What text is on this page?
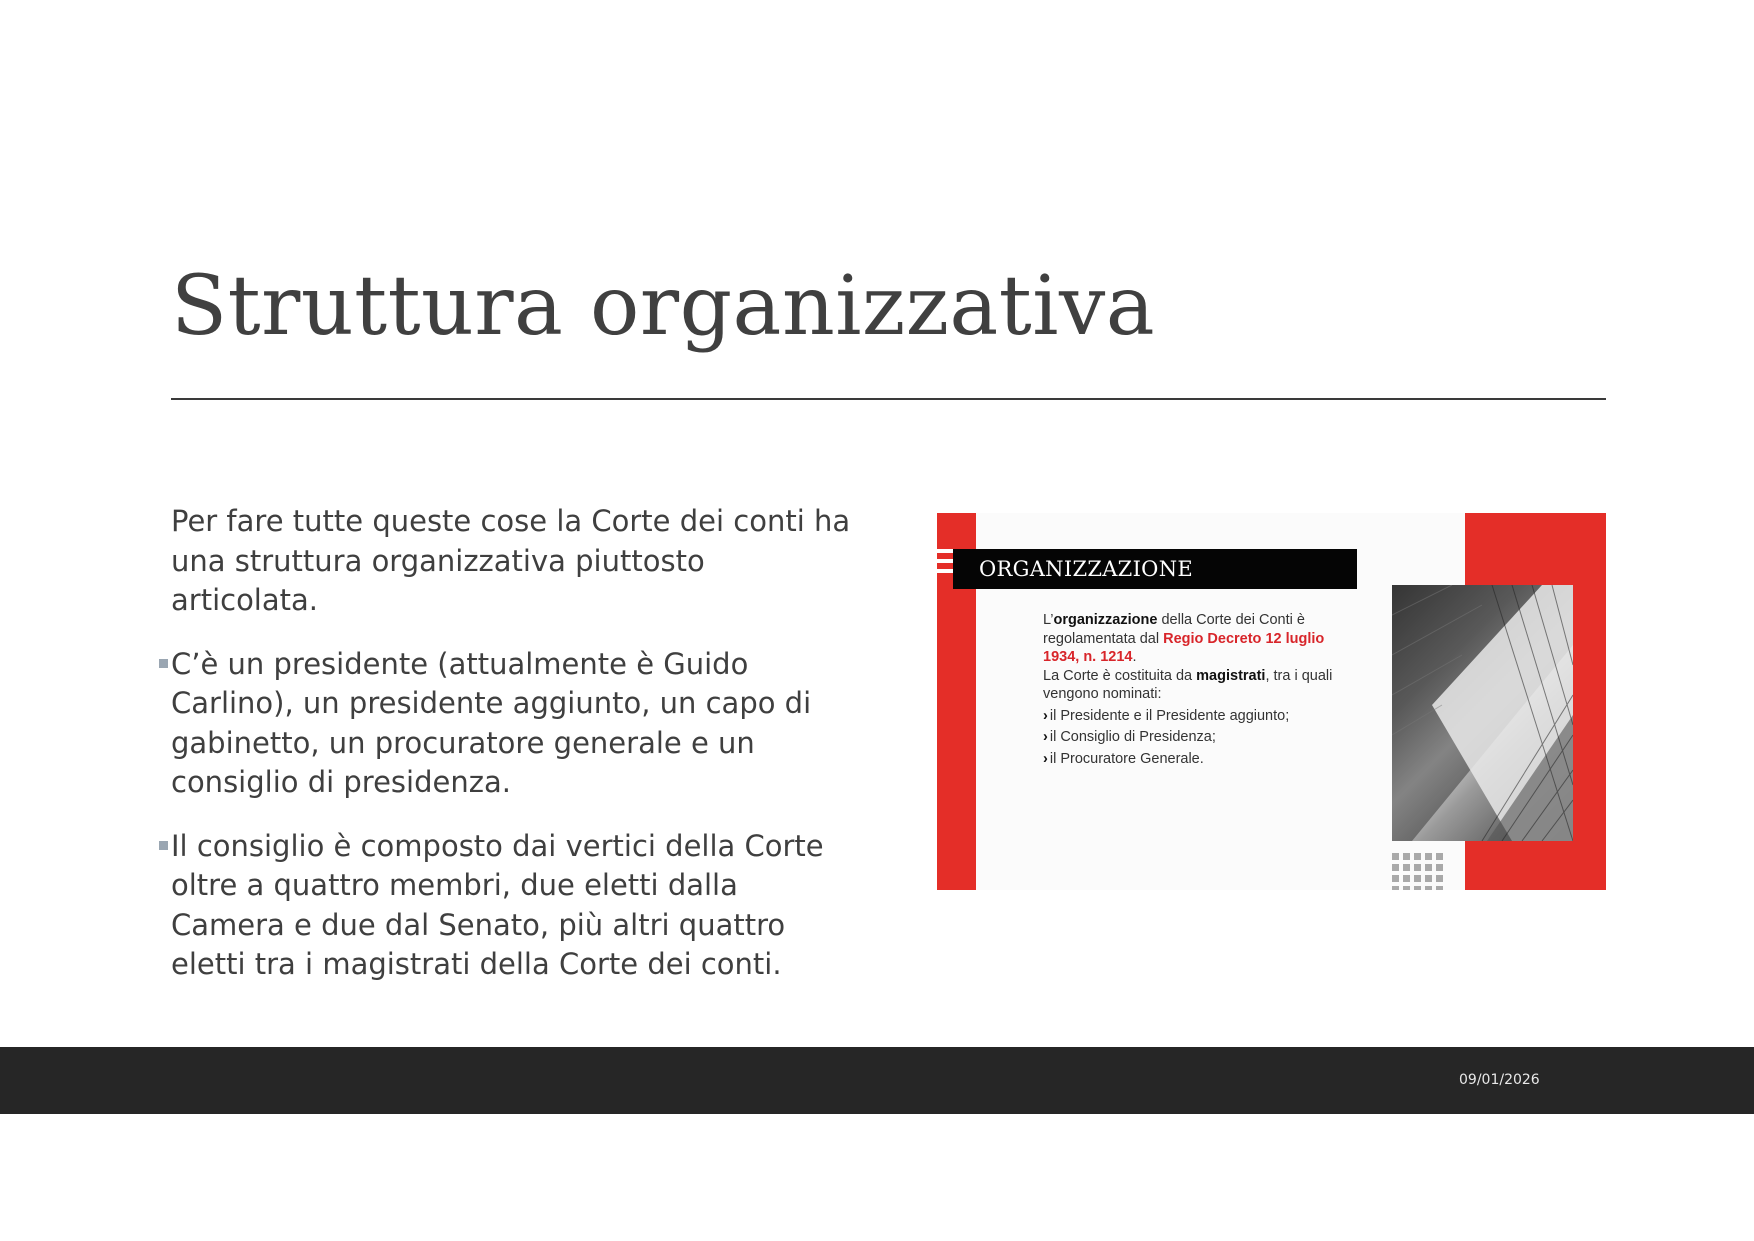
Struttura organizzativa

Per fare tutte queste cose la Corte dei conti ha una struttura organizzativa piuttosto articolata.

C’è un presidente (attualmente è Guido Carlino), un presidente aggiunto, un capo di gabinetto, un procuratore generale e un consiglio di presidenza.

Il consiglio è composto dai vertici della Corte oltre a quattro membri, due eletti dalla Camera e due dal Senato, più altri quattro eletti tra i magistrati della Corte dei conti.

ORGANIZZAZIONE
L’organizzazione della Corte dei Conti è regolamentata dal Regio Decreto 12 luglio 1934, n. 1214.
La Corte è costituita da magistrati, tra i quali vengono nominati:
› il Presidente e il Presidente aggiunto;
› il Consiglio di Presidenza;
› il Procuratore Generale.
09/01/2026
